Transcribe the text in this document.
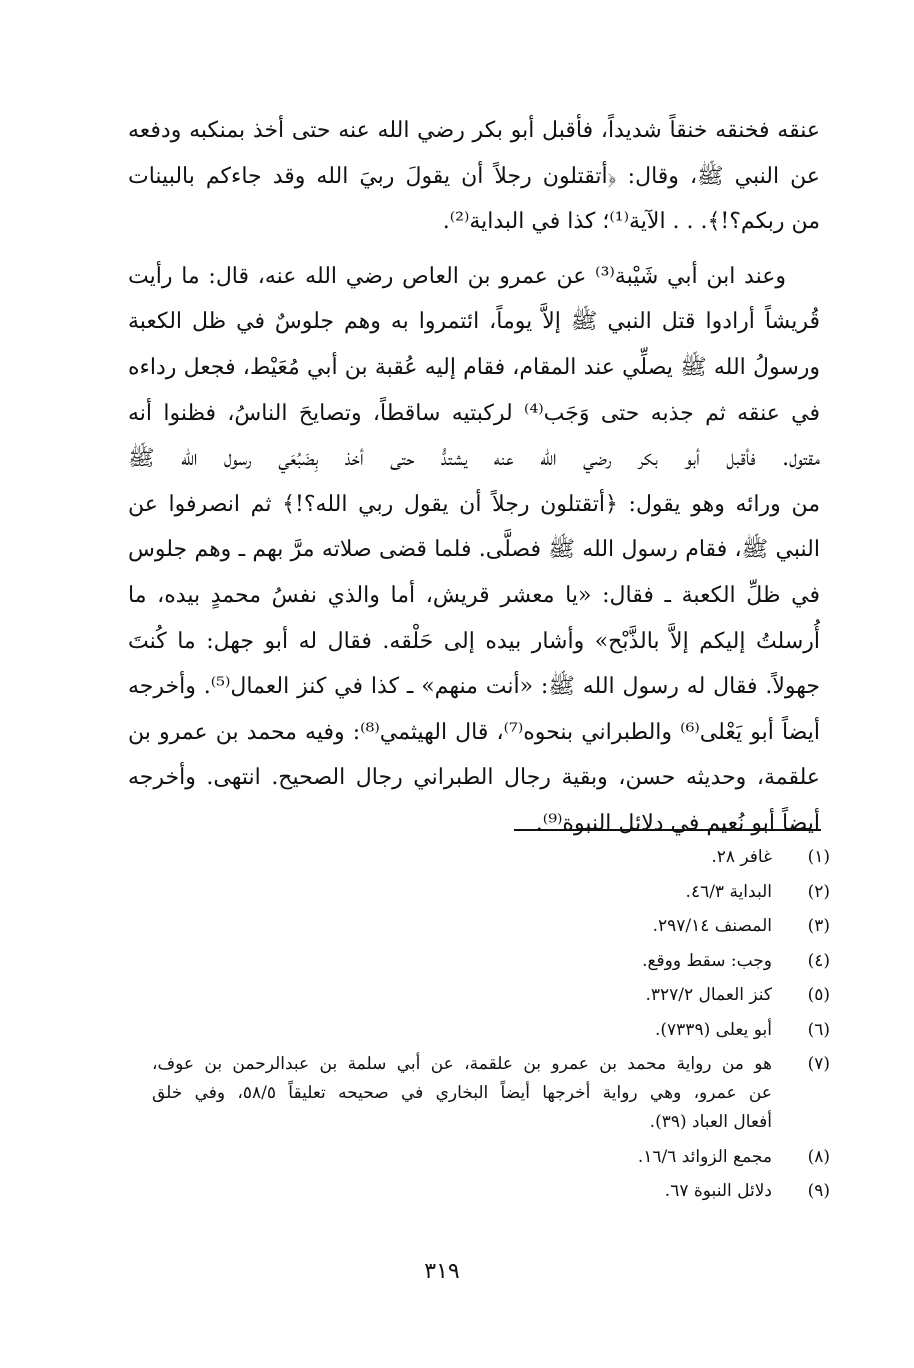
عنقه فخنقه خنقاً شديداً، فأقبل أبو بكر رضي الله عنه حتى أخذ بمنكبه ودفعه
عن النبي ﷺ، وقال: ﴿أتقتلون رجلاً أن يقولَ ربيَ الله وقد جاءكم بالبينات
من ربكم؟!﴾. . . الآية⁽¹⁾؛ كذا في البداية⁽²⁾.
وعند ابن أبي شَيْبة⁽³⁾ عن عمرو بن العاص رضي الله عنه، قال: ما رأيت
قُريشاً أرادوا قتل النبي ﷺ إلاَّ يوماً، ائتمروا به وهم جلوسٌ في ظل الكعبة
ورسولُ الله ﷺ يصلِّي عند المقام، فقام إليه عُقبة بن أبي مُعَيْط، فجعل رداءه
في عنقه ثم جذبه حتى وَجَب⁽⁴⁾ لركبتيه ساقطاً، وتصايحَ الناسُ، فظنوا أنه
مقتول. فأقبل أبو بكر رضي الله عنه يشتدُّ حتى أخذ بِضَبُعَي رسول الله ﷺ
من ورائه وهو يقول: ﴿أتقتلون رجلاً أن يقول ربي الله؟!﴾ ثم انصرفوا عن
النبي ﷺ، فقام رسول الله ﷺ فصلَّى. فلما قضى صلاته مرَّ بهم ـ وهم جلوس
في ظلِّ الكعبة ـ فقال: «يا معشر قريش، أما والذي نفسُ محمدٍ بيده، ما
أُرسلتُ إليكم إلاَّ بالذَّبْح» وأشار بيده إلى حَلْقه. فقال له أبو جهل: ما كُنتَ
جهولاً. فقال له رسول الله ﷺ: «أنت منهم» ـ كذا في كنز العمال⁽⁵⁾. وأخرجه
أيضاً أبو يَعْلى⁽⁶⁾ والطبراني بنحوه⁽⁷⁾، قال الهيثمي⁽⁸⁾: وفيه محمد بن عمرو بن
علقمة، وحديثه حسن، وبقية رجال الطبراني رجال الصحيح. انتهى. وأخرجه
أيضاً أبو نُعيم في دلائل النبوة⁽⁹⁾.
(١)
غافر ٢٨.
(٢)
البداية ٤٦/٣.
(٣)
المصنف ٢٩٧/١٤.
(٤)
وجب: سقط ووقع.
(٥)
كنز العمال ٣٢٧/٢.
(٦)
أبو يعلى (٧٣٣٩).
(٧)
هو من رواية محمد بن عمرو بن علقمة، عن أبي سلمة بن عبدالرحمن بن عوف،
عن عمرو، وهي رواية أخرجها أيضاً البخاري في صحيحه تعليقاً ٥٨/٥، وفي خلق
أفعال العباد (٣٩).
(٨)
مجمع الزوائد ١٦/٦.
(٩)
دلائل النبوة ٦٧.
٣١٩
